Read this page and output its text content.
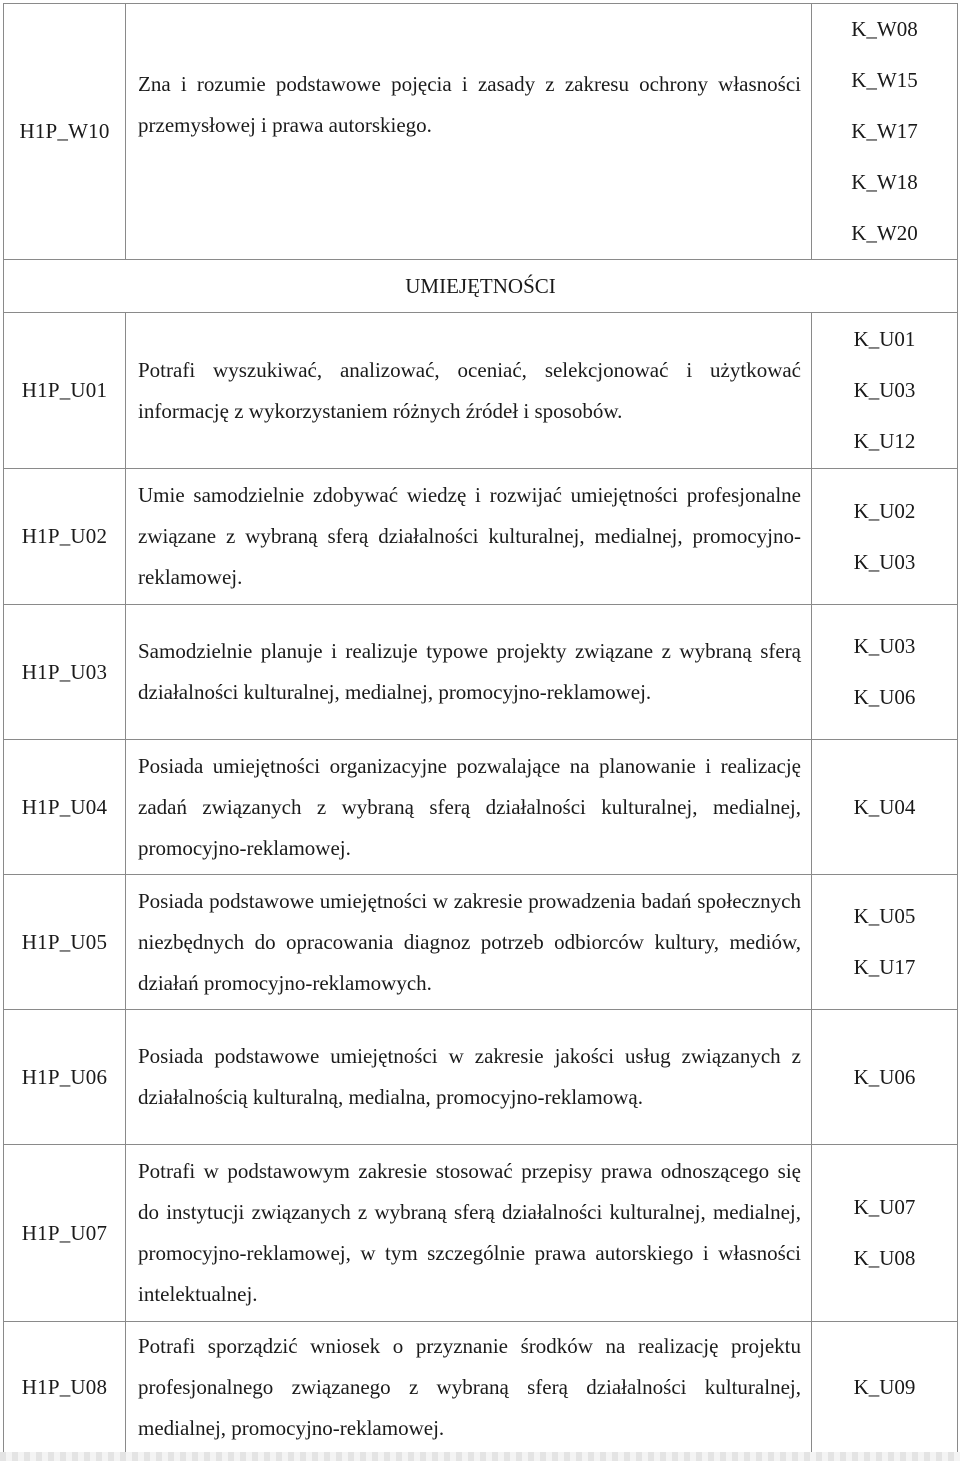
H1P_W10	Zna i rozumie podstawowe pojęcia i zasady z zakresu ochrony własności przemysłowej i prawa autorskiego.	K_W08
K_W15
K_W17
K_W18
K_W20

UMIEJĘTNOŚCI		
H1P_U01	Potrafi wyszukiwać, analizować, oceniać, selekcjonować i użytkować informację z wykorzystaniem różnych źródeł i sposobów.	K_U01
K_U03
K_U12

H1P_U02	Umie samodzielnie zdobywać wiedzę i rozwijać umiejętności profesjonalne związane z wybraną sferą działalności kulturalnej, medialnej, promocyjno-reklamowej.	K_U02
K_U03

H1P_U03	Samodzielnie planuje i realizuje typowe projekty związane z wybraną sferą działalności kulturalnej, medialnej, promocyjno-reklamowej.	K_U03
K_U06

H1P_U04	Posiada umiejętności organizacyjne pozwalające na planowanie i realizację zadań związanych z wybraną sferą działalności kulturalnej, medialnej, promocyjno-reklamowej.	K_U04

H1P_U05	Posiada podstawowe umiejętności w zakresie prowadzenia badań społecznych niezbędnych do opracowania diagnoz potrzeb odbiorców kultury, mediów, działań promocyjno-reklamowych.	K_U05
K_U17

H1P_U06	Posiada podstawowe umiejętności w zakresie jakości usług związanych z działalnością kulturalną, medialna, promocyjno-reklamową.	K_U06

H1P_U07	Potrafi w podstawowym zakresie stosować przepisy prawa odnoszącego się do instytucji związanych z wybraną sferą działalności kulturalnej, medialnej, promocyjno-reklamowej, w tym szczególnie prawa autorskiego i własności intelektualnej.	K_U07
K_U08

H1P_U08	Potrafi sporządzić wniosek o przyznanie środków na realizację projektu profesjonalnego związanego z wybraną sferą działalności kulturalnej, medialnej, promocyjno-reklamowej.	K_U09
